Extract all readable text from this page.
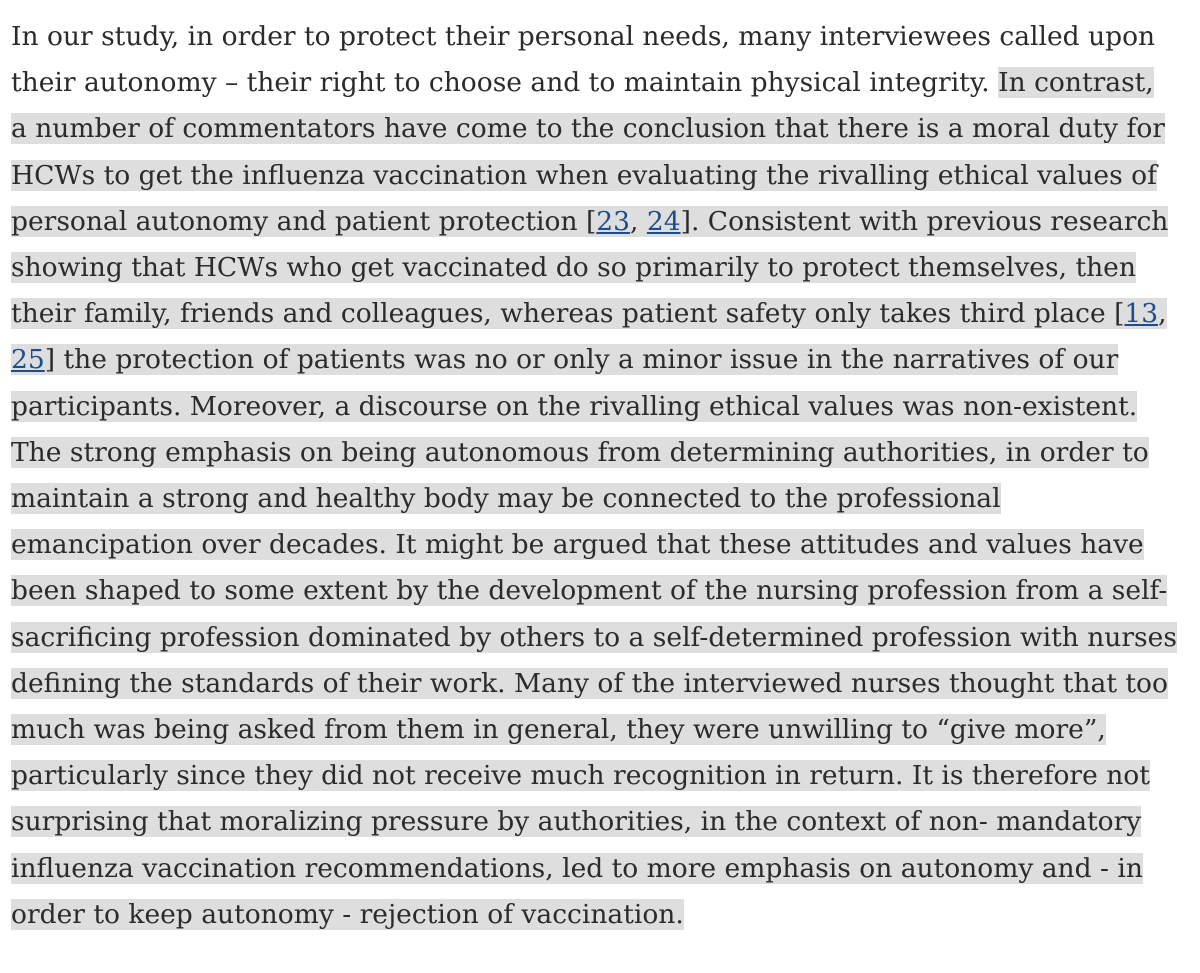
In our study, in order to protect their personal needs, many interviewees called upon
their autonomy – their right to choose and to maintain physical integrity. In contrast,
a number of commentators have come to the conclusion that there is a moral duty for
HCWs to get the influenza vaccination when evaluating the rivalling ethical values of
personal autonomy and patient protection [23, 24]. Consistent with previous research
showing that HCWs who get vaccinated do so primarily to protect themselves, then
their family, friends and colleagues, whereas patient safety only takes third place [13,
25] the protection of patients was no or only a minor issue in the narratives of our
participants. Moreover, a discourse on the rivalling ethical values was non-existent.
The strong emphasis on being autonomous from determining authorities, in order to
maintain a strong and healthy body may be connected to the professional
emancipation over decades. It might be argued that these attitudes and values have
been shaped to some extent by the development of the nursing profession from a self-
sacrificing profession dominated by others to a self-determined profession with nurses
defining the standards of their work. Many of the interviewed nurses thought that too
much was being asked from them in general, they were unwilling to “give more”,
particularly since they did not receive much recognition in return. It is therefore not
surprising that moralizing pressure by authorities, in the context of non- mandatory
influenza vaccination recommendations, led to more emphasis on autonomy and - in
order to keep autonomy - rejection of vaccination.
